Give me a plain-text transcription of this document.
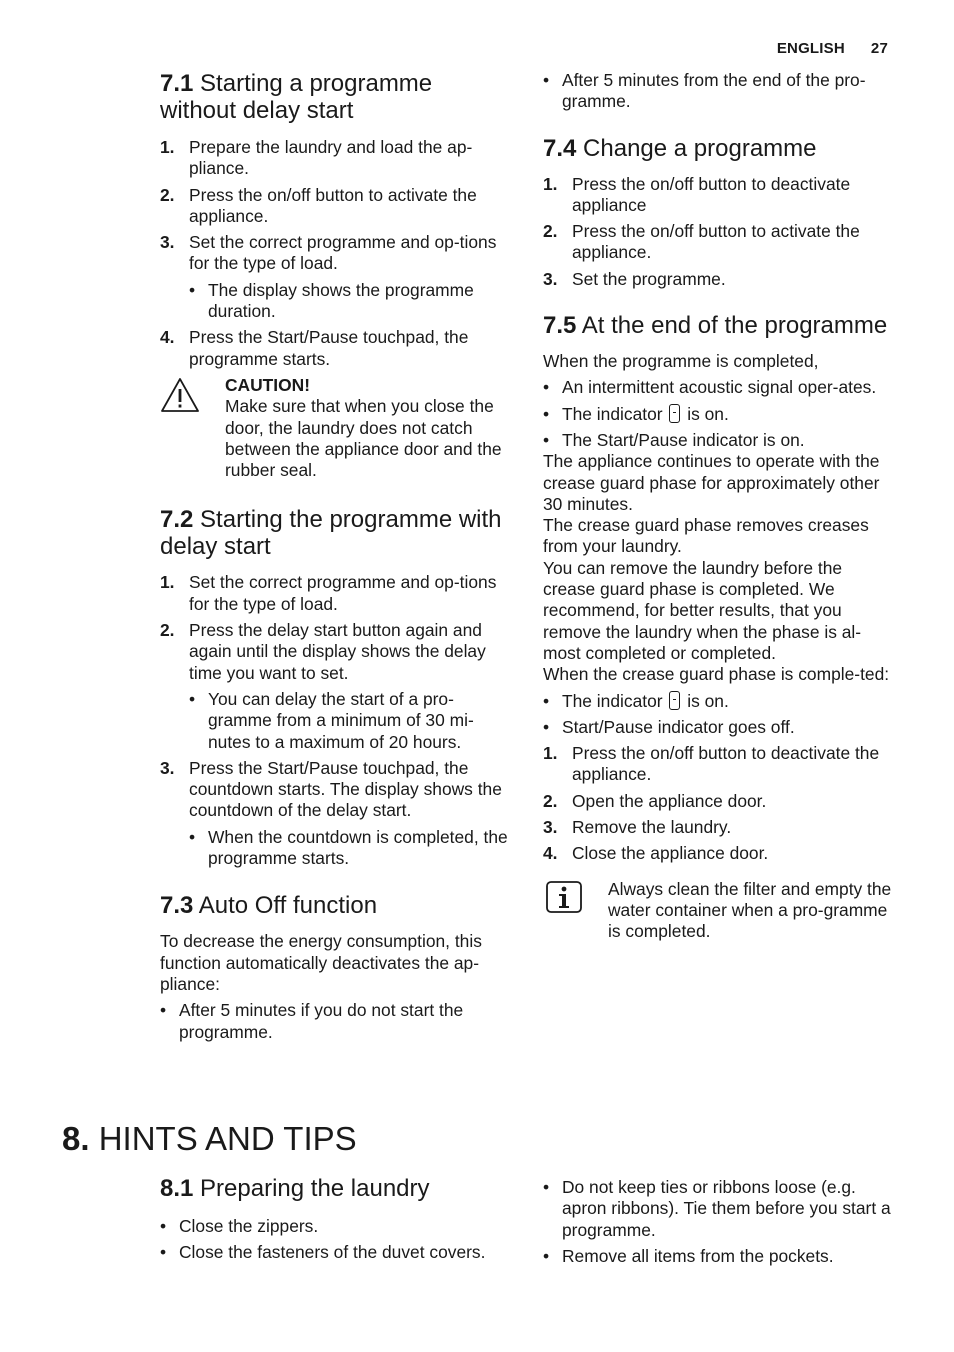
ENGLISH 27
7.1 Starting a programme without delay start
1. Prepare the laundry and load the ap-pliance.
2. Press the on/off button to activate the appliance.
3. Set the correct programme and op-tions for the type of load.
• The display shows the programme duration.
4. Press the Start/Pause touchpad, the programme starts.
CAUTION!

Make sure that when you close the door, the laundry does not catch between the appliance door and the rubber seal.

7.2 Starting the programme with delay start
1. Set the correct programme and op-tions for the type of load.
2. Press the delay start button again and again until the display shows the delay time you want to set.
• You can delay the start of a pro-gramme from a minimum of 30 mi-nutes to a maximum of 20 hours.
3. Press the Start/Pause touchpad, the countdown starts. The display shows the countdown of the delay start.
• When the countdown is completed, the programme starts.
7.3 Auto Off function

To decrease the energy consumption, this function automatically deactivates the ap-pliance:

• After 5 minutes if you do not start the programme.
• After 5 minutes from the end of the pro-gramme.
7.4 Change a programme
1. Press the on/off button to deactivate appliance
2. Press the on/off button to activate the appliance.
3. Set the programme.
7.5 At the end of the programme

When the programme is completed,

• An intermittent acoustic signal oper-ates.
• The indicator is on.
• The Start/Pause indicator is on.

The appliance continues to operate with the crease guard phase for approximately other 30 minutes.

The crease guard phase removes creases from your laundry.

You can remove the laundry before the crease guard phase is completed. We recommend, for better results, that you remove the laundry when the phase is al-most completed or completed.

When the crease guard phase is comple-ted:

• The indicator is on.
• Start/Pause indicator goes off.
1. Press the on/off button to deactivate the appliance.
2. Open the appliance door.
3. Remove the laundry.
4. Close the appliance door.

Always clean the filter and empty the water container when a pro-gramme is completed.

8. HINTS AND TIPS
8.1 Preparing the laundry
• Close the zippers.
• Close the fasteners of the duvet covers.
• Do not keep ties or ribbons loose (e.g. apron ribbons). Tie them before you start a programme.
• Remove all items from the pockets.
